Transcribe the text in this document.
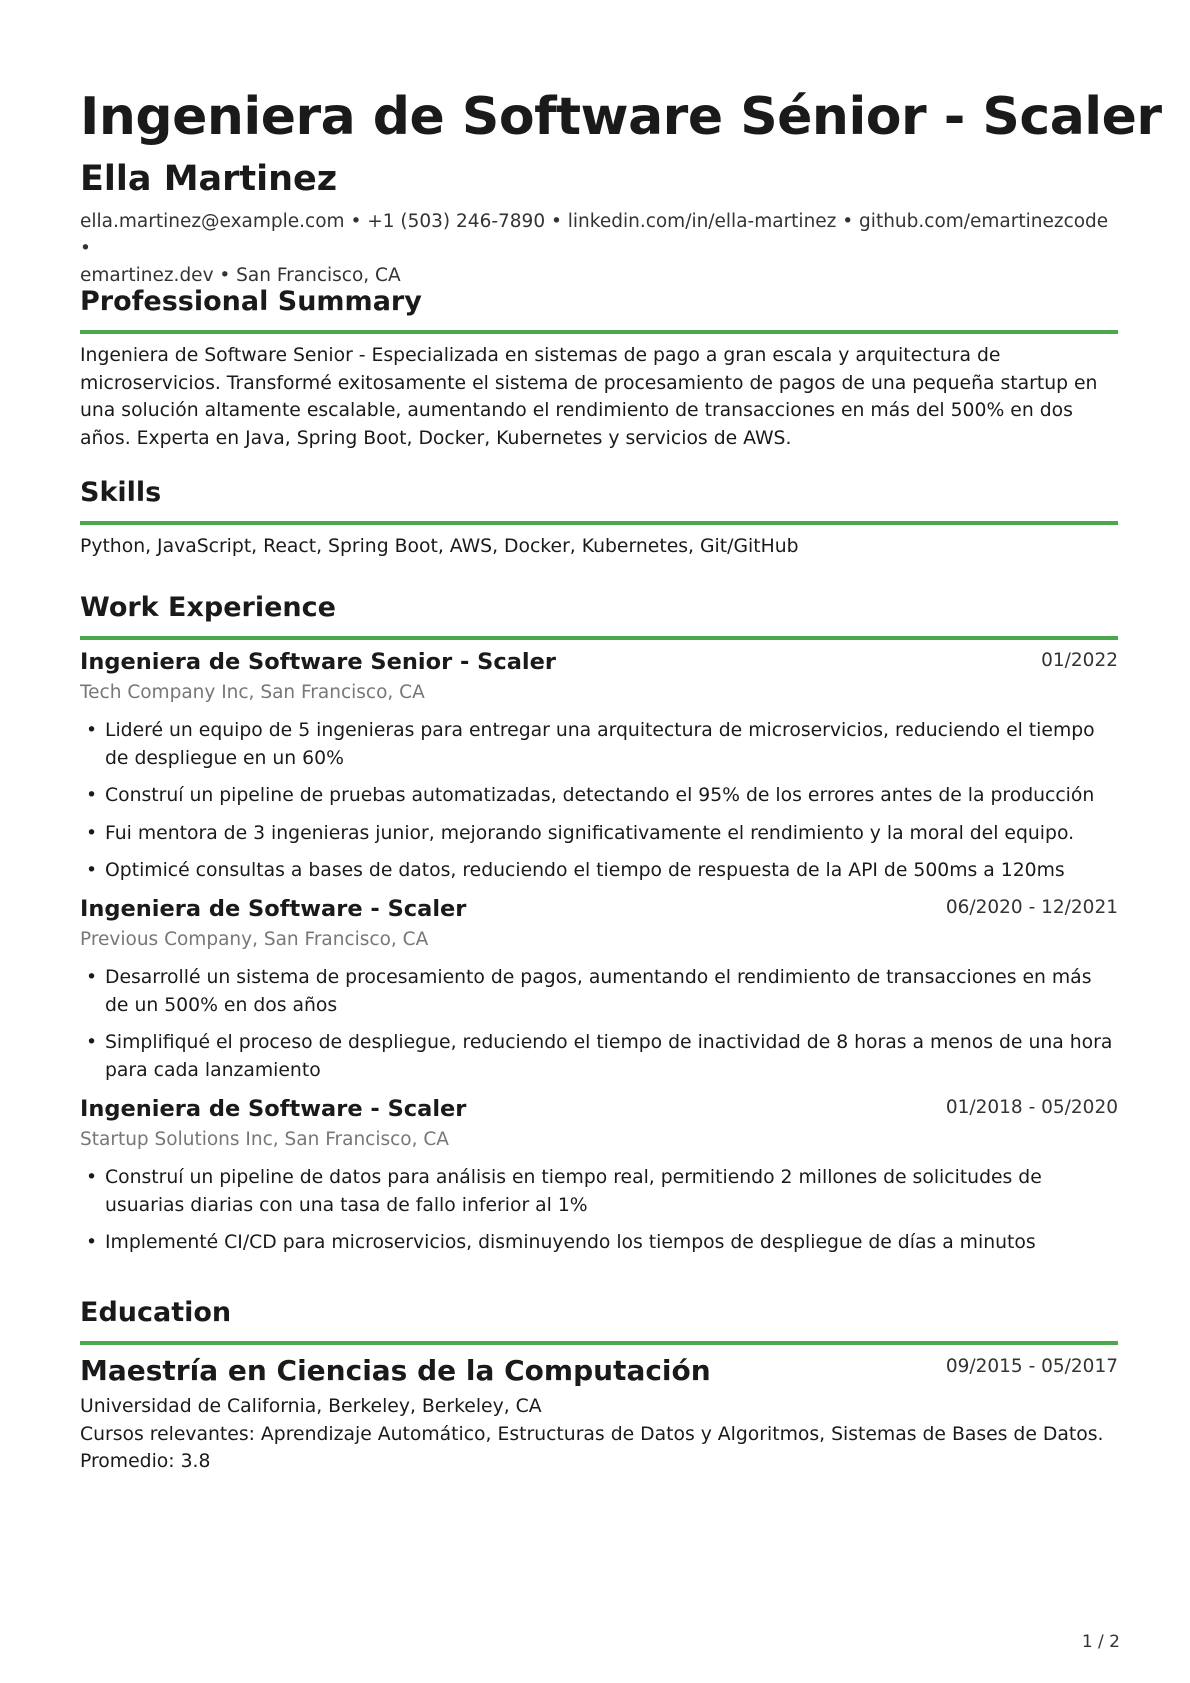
Ingeniera de Software Sénior - Scaler
Ella Martinez
ella.martinez@example.com • +1 (503) 246-7890 • linkedin.com/in/ella-martinez • github.com/emartinezcode •
emartinez.dev • San Francisco, CA
Professional Summary
Ingeniera de Software Senior - Especializada en sistemas de pago a gran escala y arquitectura de microservicios. Transformé exitosamente el sistema de procesamiento de pagos de una pequeña startup en una solución altamente escalable, aumentando el rendimiento de transacciones en más del 500% en dos años. Experta en Java, Spring Boot, Docker, Kubernetes y servicios de AWS.
Skills
Python, JavaScript, React, Spring Boot, AWS, Docker, Kubernetes, Git/GitHub
Work Experience
Ingeniera de Software Senior - Scaler	01/2022
Tech Company Inc, San Francisco, CA
• Lideré un equipo de 5 ingenieras para entregar una arquitectura de microservicios, reduciendo el tiempo de despliegue en un 60%
• Construí un pipeline de pruebas automatizadas, detectando el 95% de los errores antes de la producción
• Fui mentora de 3 ingenieras junior, mejorando significativamente el rendimiento y la moral del equipo.
• Optimicé consultas a bases de datos, reduciendo el tiempo de respuesta de la API de 500ms a 120ms
Ingeniera de Software - Scaler	06/2020 - 12/2021
Previous Company, San Francisco, CA
• Desarrollé un sistema de procesamiento de pagos, aumentando el rendimiento de transacciones en más de un 500% en dos años
• Simplifiqué el proceso de despliegue, reduciendo el tiempo de inactividad de 8 horas a menos de una hora para cada lanzamiento
Ingeniera de Software - Scaler	01/2018 - 05/2020
Startup Solutions Inc, San Francisco, CA
• Construí un pipeline de datos para análisis en tiempo real, permitiendo 2 millones de solicitudes de usuarias diarias con una tasa de fallo inferior al 1%
• Implementé CI/CD para microservicios, disminuyendo los tiempos de despliegue de días a minutos
Education
Maestría en Ciencias de la Computación	09/2015 - 05/2017
Universidad de California, Berkeley, Berkeley, CA
Cursos relevantes: Aprendizaje Automático, Estructuras de Datos y Algoritmos, Sistemas de Bases de Datos.
Promedio: 3.8
1 / 2
